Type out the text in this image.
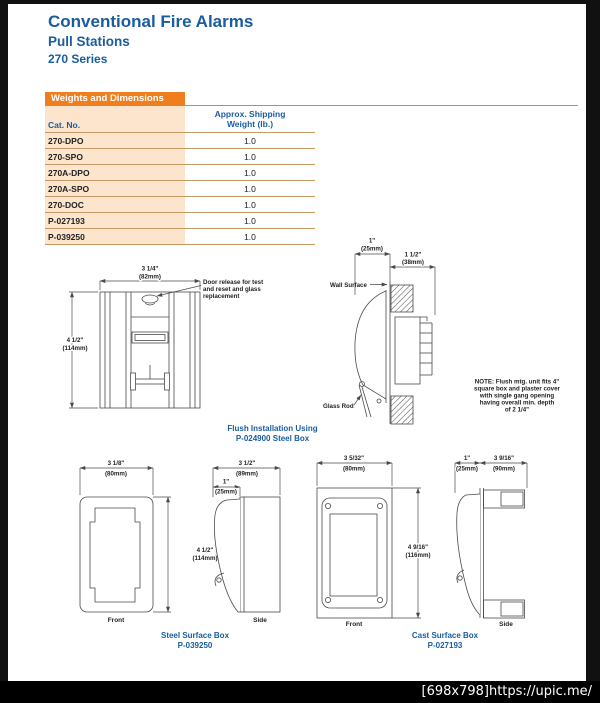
Conventional Fire Alarms
Pull Stations
270 Series
Weights and Dimensions
Cat. No.
Approx. Shipping
Weight (lb.)
270-DPO	1.0
270-SPO	1.0
270A-DPO	1.0
270A-SPO	1.0
270-DOC	1.0
P-027193	1.0
P-039250	1.0
3 1/4"
(82mm)
4 1/2"
(114mm)
Door release for test
and reset and glass
replacement
1"
(25mm)
1 1/2"
(38mm)
Wall Surface
Glass Rod
NOTE: Flush mtg. unit fits 4"
square box and plaster cover
with single gang opening
having overall min. depth
of 2 1/4"
Flush Installation Using
P-024900 Steel Box
3 1/8"
(80mm)
4 1/2"
(114mm)
3 1/2"
(89mm)
1"
(25mm)
Front	Side
Steel Surface Box
P-039250
3 5/32"
(80mm)
4 9/16"
(116mm)
1"
(25mm)
3 9/16"
(90mm)
Front	Side
Cast Surface Box
P-027193
[698x798]https://upic.me/
